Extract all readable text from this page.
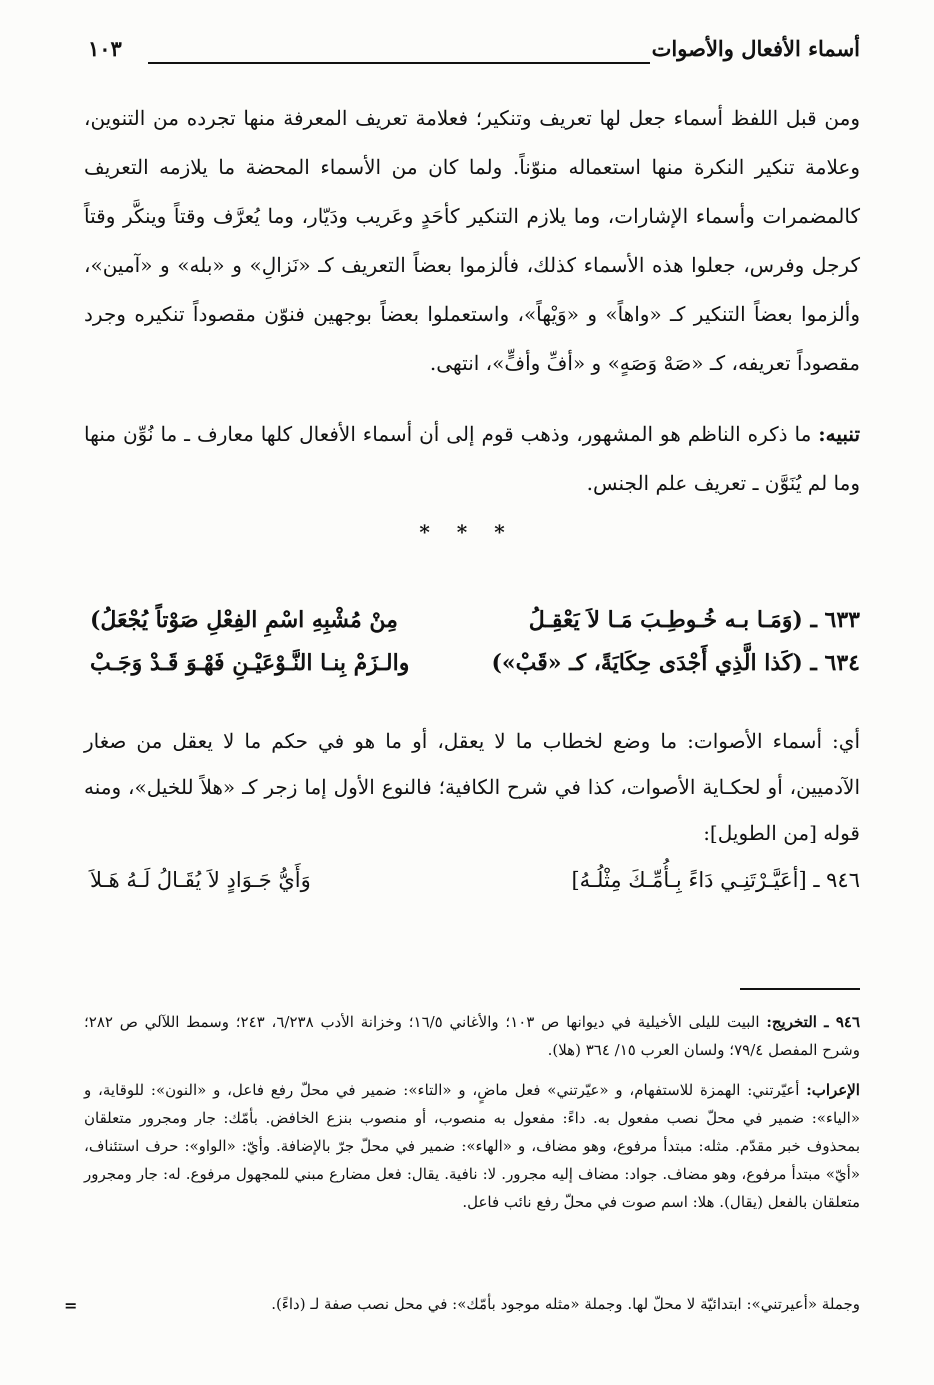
أسماء الأفعال والأصوات
١٠٣
ومن قبل اللفظ أسماء جعل لها تعريف وتنكير؛ فعلامة تعريف المعرفة منها تجرده من التنوين، وعلامة تنكير النكرة منها استعماله منوّناً. ولما كان من الأسماء المحضة ما يلازمه التعريف كالمضمرات وأسماء الإشارات، وما يلازم التنكير كأحَدٍ وعَريب ودَيّار، وما يُعرَّف وقتاً وينكَّر وقتاً كرجل وفرس، جعلوا هذه الأسماء كذلك، فألزموا بعضاً التعريف كـ «نَزالِ» و «بله» و «آمين»، وألزموا بعضاً التنكير كـ «واهاً» و «وَيْهاً»، واستعملوا بعضاً بوجهين فنوّن مقصوداً تنكيره وجرد مقصوداً تعريفه، كـ «صَهْ وَصَهٍ» و «أفِّ وأفٍّ»، انتهى.
تنبيه: ما ذكره الناظم هو المشهور، وذهب قوم إلى أن أسماء الأفعال كلها معارف ـ ما نُوِّن منها وما لم يُنَوَّن ـ تعريف علم الجنس.
* * *
٦٣٣ ـ (وَمَـا بـه خُـوطِـبَ مَـا لاَ يَعْقِـلُ
مِنْ مُشْبِهِ اسْمِ الفِعْلِ صَوْتاً يُجْعَلُ)
٦٣٤ ـ (كَذا الَّذِي أَجْدَى حِكَايَةً، كـ «قَبْ»)
والـزَمْ بِنـا النَّـوْعَيْـنِ فَهْـوَ قَـدْ وَجَـبْ
أي: أسماء الأصوات: ما وضع لخطاب ما لا يعقل، أو ما هو في حكم ما لا يعقل من صغار الآدميين، أو لحكـاية الأصوات، كذا في شرح الكافية؛ فالنوع الأول إما زجر كـ «هلاً للخيل»، ومنه قوله [من الطويل]:
٩٤٦ ـ [أعَيَّـرْتَنِـي دَاءً بِـأُمِّـكَ مِثْلُـهُ]
وَأَيُّ جَـوَادٍ لاَ يُقَـالُ لَـهُ هَـلاَ
٩٤٦ ـ التخريج: البيت لليلى الأخيلية في ديوانها ص ١٠٣؛ والأغاني ١٦/٥؛ وخزانة الأدب ٦/٢٣٨، ٢٤٣؛ وسمط اللآلي ص ٢٨٢؛ وشرح المفصل ٧٩/٤؛ ولسان العرب ١٥/ ٣٦٤ (هلا).
الإعراب: أعيّرتني: الهمزة للاستفهام، و «عيّرتني» فعل ماضٍ، و «التاء»: ضمير في محلّ رفع فاعل، و «النون»: للوقاية، و «الياء»: ضمير في محلّ نصب مفعول به. داءً: مفعول به منصوب، أو منصوب بنزع الخافض. بأمّك: جار ومجرور متعلقان بمحذوف خبر مقدّم. مثله: مبتدأ مرفوع، وهو مضاف، و «الهاء»: ضمير في محلّ جرّ بالإضافة. وأيّ: «الواو»: حرف استئناف، «أيّ» مبتدأ مرفوع، وهو مضاف. جواد: مضاف إليه مجرور. لا: نافية. يقال: فعل مضارع مبني للمجهول مرفوع. له: جار ومجرور متعلقان بالفعل (يقال). هلا: اسم صوت في محلّ رفع نائب فاعل.
وجملة «أعيرتني»: ابتدائيّة لا محلّ لها. وجملة «مثله موجود بأمّك»: في محل نصب صفة لـ (داءً).
=
